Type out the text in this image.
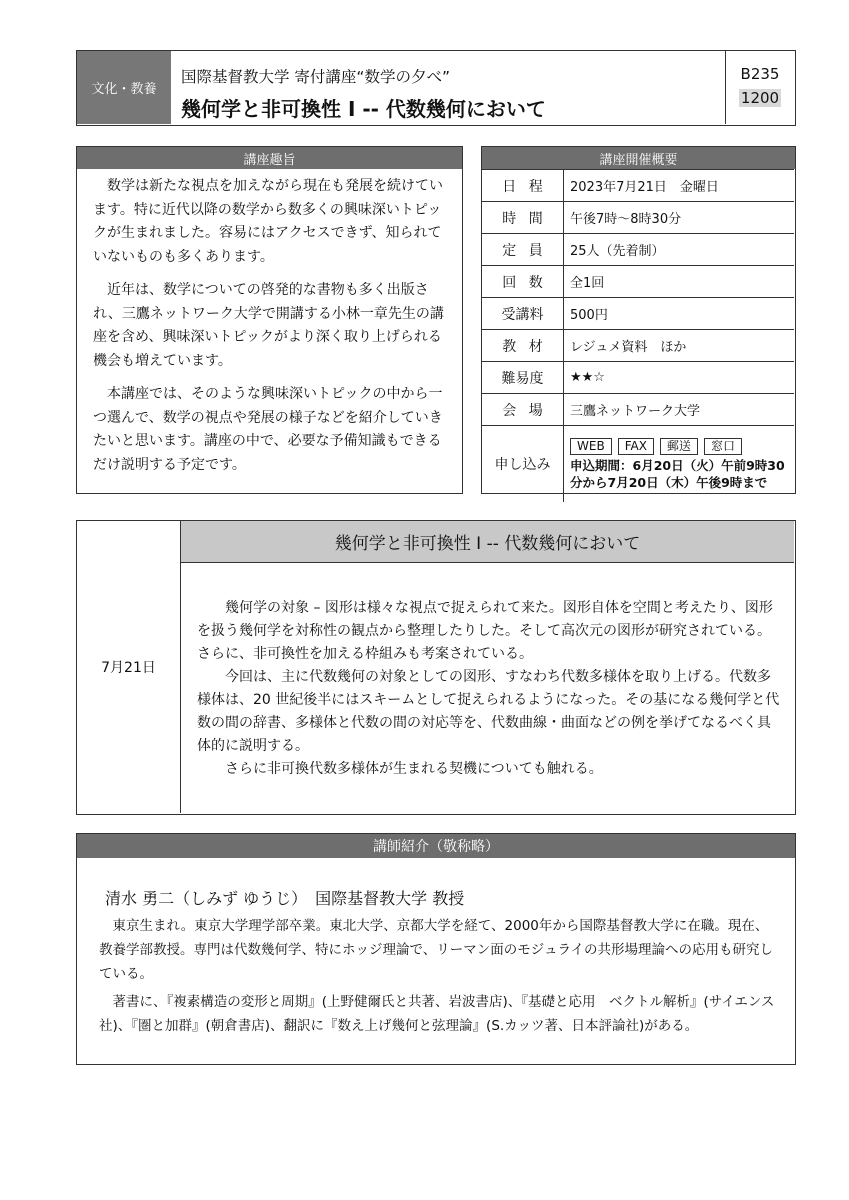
文化・教養
国際基督教大学 寄付講座“数学の夕べ”
幾何学と非可換性 I -- 代数幾何において
B235
1200
講座趣旨

数学は新たな視点を加えながら現在も発展を続けています。特に近代以降の数学から数多くの興味深いトピックが生まれました。容易にはアクセスできず、知られていないものも多くあります。

近年は、数学についての啓発的な書物も多く出版され、三鷹ネットワーク大学で開講する小林一章先生の講座を含め、興味深いトピックがより深く取り上げられる機会も増えています。

本講座では、そのような興味深いトピックの中から一つ選んで、数学の視点や発展の様子などを紹介していきたいと思います。講座の中で、必要な予備知識もできるだけ説明する予定です。

講座開催概要
日程	2023年7月21日　金曜日
時間	午後7時～8時30分
定員	25人（先着制）
回数	全1回
受講料	500円
教材	レジュメ資料　ほか
難易度	★★☆
会場	三鷹ネットワーク大学
申し込み	WEB FAX 郵送 窓口
申込期間：6月20日（火）午前9時30分から7月20日（木）午後9時まで
7月21日
幾何学と非可換性 I -- 代数幾何において

幾何学の対象 – 図形は様々な視点で捉えられて来た。図形自体を空間と考えたり、図形を扱う幾何学を対称性の観点から整理したりした。そして高次元の図形が研究されている。さらに、非可換性を加える枠組みも考案されている。

今回は、主に代数幾何の対象としての図形、すなわち代数多様体を取り上げる。代数多様体は、20 世紀後半にはスキームとして捉えられるようになった。その基になる幾何学と代数の間の辞書、多様体と代数の間の対応等を、代数曲線・曲面などの例を挙げてなるべく具体的に説明する。

さらに非可換代数多様体が生まれる契機についても触れる。

講師紹介（敬称略）
清水 勇二（しみず ゆうじ）　国際基督教大学 教授

東京生まれ。東京大学理学部卒業。東北大学、京都大学を経て、2000年から国際基督教大学に在職。現在、教養学部教授。専門は代数幾何学、特にホッジ理論で、リーマン面のモジュライの共形場理論への応用も研究している。

著書に、『複素構造の変形と周期』(上野健爾氏と共著、岩波書店)、『基礎と応用　ベクトル解析』(サイエンス社)、『圏と加群』(朝倉書店)、翻訳に『数え上げ幾何と弦理論』(S.カッツ著、日本評論社)がある。
